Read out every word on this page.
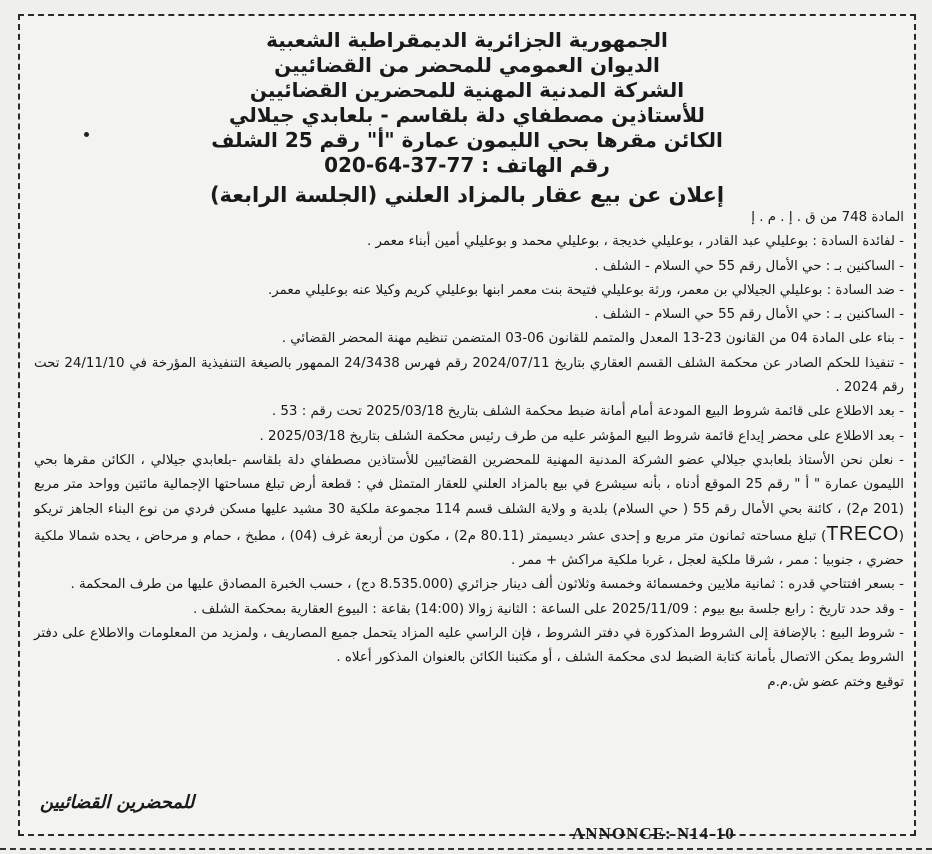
الجمهورية الجزائرية الديمقراطية الشعبية
الديوان العمومي للمحضر من القضائيين
الشركة المدنية المهنية للمحضرين القضائيين
للأستاذين مصطفاي دلة بلقاسم - بلعابدي جيلالي
الكائن مقرها بحي الليمون عمارة "أ" رقم 25 الشلف
رقم الهاتف : 77-37-64-020
إعلان عن بيع عقار بالمزاد العلني (الجلسة الرابعة)

المادة 748 من ق . إ . م . إ

- لفائدة السادة : بوعليلي عبد القادر ، بوعليلي خديجة ، بوعليلي محمد و بوعليلي أمين أبناء معمر .

- الساكنين بـ : حي الأمال رقم 55 حي السلام - الشلف .

- ضد السادة : بوعليلي الجيلالي بن معمر، ورثة بوعليلي فتيحة بنت معمر ابنها بوعليلي كريم وكيلا عنه بوعليلي معمر.

- الساكنين بـ : حي الأمال رقم 55 حي السلام - الشلف .

- بناء على المادة 04 من القانون 23-13 المعدل والمتمم للقانون 06-03 المتضمن تنظيم مهنة المحضر القضائي .

- تنفيذا للحكم الصادر عن محكمة الشلف القسم العقاري بتاريخ 2024/07/11 رقم فهرس 24/3438 الممهور بالصيغة التنفيذية المؤرخة في 24/11/10 تحت رقم 2024 .

- بعد الاطلاع على قائمة شروط البيع المودعة أمام أمانة ضبط محكمة الشلف بتاريخ 2025/03/18 تحت رقم : 53 .

- بعد الاطلاع على محضر إيداع قائمة شروط البيع المؤشر عليه من طرف رئيس محكمة الشلف بتاريخ 2025/03/18 .

- نعلن نحن الأستاذ بلعابدي جيلالي عضو الشركة المدنية المهنية للمحضرين القضائيين للأستاذين مصطفاي دلة بلقاسم -بلعابدي جيلالي ، الكائن مقرها بحي الليمون عمارة " أ " رقم 25 الموقع أدناه ، بأنه سيشرع في بيع بالمزاد العلني للعقار المتمثل في : قطعة أرض تبلغ مساحتها الإجمالية مائتين وواحد متر مربع (201 م2) ، كائنة بحي الأمال رقم 55 ( حي السلام) بلدية و ولاية الشلف قسم 114 مجموعة ملكية 30 مشيد عليها مسكن فردي من نوع البناء الجاهز تريكو (TRECO) تبلغ مساحته ثمانون متر مربع و إحدى عشر ديسيمتر (80.11 م2) ، مكون من أربعة غرف (04) ، مطبخ ، حمام و مرحاض ، يحده شمالا ملكية حضري ، جنوبيا : ممر ، شرقا ملكية لعجل ، غربا ملكية مراكش + ممر .

- بسعر افتتاحي قدره : ثمانية ملايين وخمسمائة وخمسة وثلاثون ألف دينار جزائري (8.535.000 دج) ، حسب الخبرة المصادق عليها من طرف المحكمة .

- وقد حدد تاريخ : رابع جلسة بيع بيوم : 2025/11/09 على الساعة : الثانية زوالا (14:00) بقاعة : البيوع العقارية بمحكمة الشلف .

- شروط البيع : بالإضافة إلى الشروط المذكورة في دفتر الشروط ، فإن الراسي عليه المزاد يتحمل جميع المصاريف ، ولمزيد من المعلومات والاطلاع على دفتر الشروط يمكن الاتصال بأمانة كتابة الضبط لدى محكمة الشلف ، أو مكتبنا الكائن بالعنوان المذكور أعلاه .

توقيع وختم عضو ش.م.م

للمحضرين القضائيين
ANNONCE: N14-10
